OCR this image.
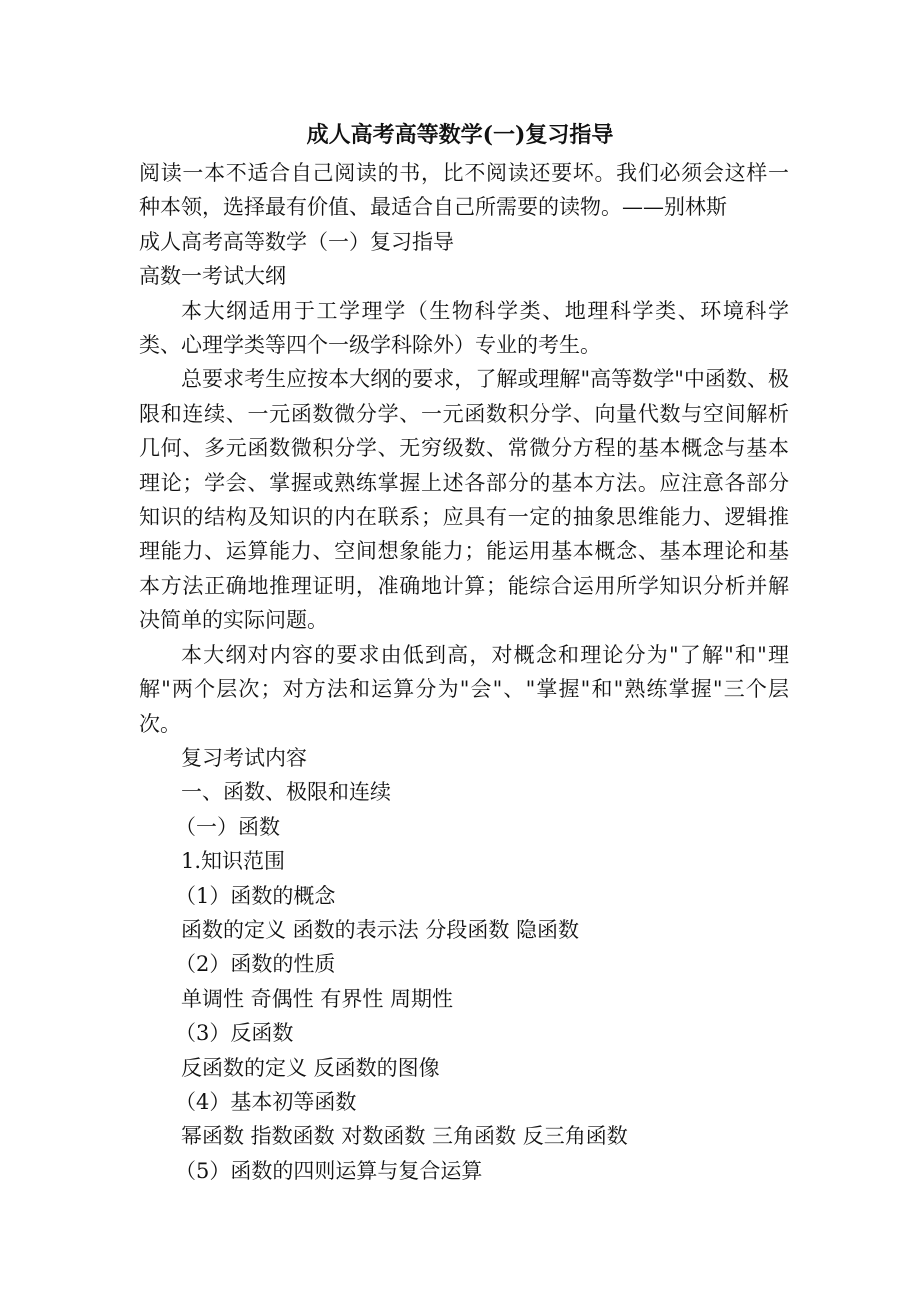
成人高考高等数学(一)复习指导

阅读一本不适合自己阅读的书，比不阅读还要坏。我们必须会这样一种本领，选择最有价值、最适合自己所需要的读物。——别林斯

成人高考高等数学（一）复习指导

高数一考试大纲

本大纲适用于工学理学（生物科学类、地理科学类、环境科学类、心理学类等四个一级学科除外）专业的考生。

总要求考生应按本大纲的要求，了解或理解"高等数学"中函数、极限和连续、一元函数微分学、一元函数积分学、向量代数与空间解析几何、多元函数微积分学、无穷级数、常微分方程的基本概念与基本理论；学会、掌握或熟练掌握上述各部分的基本方法。应注意各部分知识的结构及知识的内在联系；应具有一定的抽象思维能力、逻辑推理能力、运算能力、空间想象能力；能运用基本概念、基本理论和基本方法正确地推理证明，准确地计算；能综合运用所学知识分析并解决简单的实际问题。

本大纲对内容的要求由低到高，对概念和理论分为"了解"和"理解"两个层次；对方法和运算分为"会"、"掌握"和"熟练掌握"三个层次。

复习考试内容

一、函数、极限和连续

（一）函数

1.知识范围

（1）函数的概念

函数的定义 函数的表示法 分段函数 隐函数

（2）函数的性质

单调性 奇偶性 有界性 周期性

（3）反函数

反函数的定义 反函数的图像

（4）基本初等函数

幂函数 指数函数 对数函数 三角函数 反三角函数

（5）函数的四则运算与复合运算
